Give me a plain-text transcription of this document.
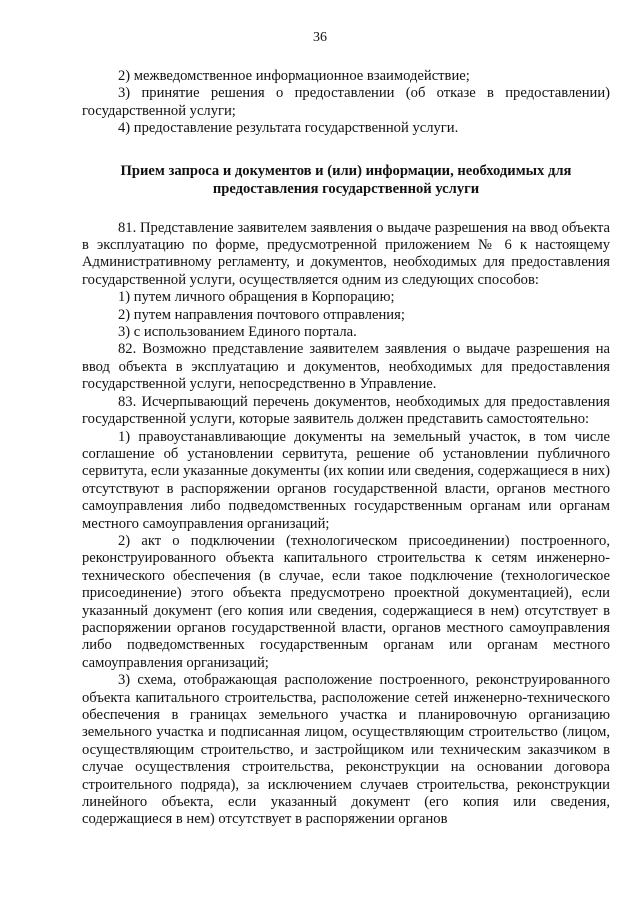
36

2) межведомственное информационное взаимодействие;

3) принятие решения о предоставлении (об отказе в предоставлении) государственной услуги;

4) предоставление результата государственной услуги.

Прием запроса и документов и (или) информации, необходимых для предоставления государственной услуги

81. Представление заявителем заявления о выдаче разрешения на ввод объекта в эксплуатацию по форме, предусмотренной приложением № 6 к настоящему Административному регламенту, и документов, необходимых для предоставления государственной услуги, осуществляется одним из следующих способов:

1) путем личного обращения в Корпорацию;

2) путем направления почтового отправления;

3) с использованием Единого портала.

82. Возможно представление заявителем заявления о выдаче разрешения на ввод объекта в эксплуатацию и документов, необходимых для предоставления государственной услуги, непосредственно в Управление.

83. Исчерпывающий перечень документов, необходимых для предоставления государственной услуги, которые заявитель должен представить самостоятельно:

1) правоустанавливающие документы на земельный участок, в том числе соглашение об установлении сервитута, решение об установлении публичного сервитута, если указанные документы (их копии или сведения, содержащиеся в них) отсутствуют в распоряжении органов государственной власти, органов местного самоуправления либо подведомственных государственным органам или органам местного самоуправления организаций;

2) акт о подключении (технологическом присоединении) построенного, реконструированного объекта капитального строительства к сетям инженерно-технического обеспечения (в случае, если такое подключение (технологическое присоединение) этого объекта предусмотрено проектной документацией), если указанный документ (его копия или сведения, содержащиеся в нем) отсутствует в распоряжении органов государственной власти, органов местного самоуправления либо подведомственных государственным органам или органам местного самоуправления организаций;

3) схема, отображающая расположение построенного, реконструированного объекта капитального строительства, расположение сетей инженерно-технического обеспечения в границах земельного участка и планировочную организацию земельного участка и подписанная лицом, осуществляющим строительство (лицом, осуществляющим строительство, и застройщиком или техническим заказчиком в случае осуществления строительства, реконструкции на основании договора строительного подряда), за исключением случаев строительства, реконструкции линейного объекта, если указанный документ (его копия или сведения, содержащиеся в нем) отсутствует в распоряжении органов
